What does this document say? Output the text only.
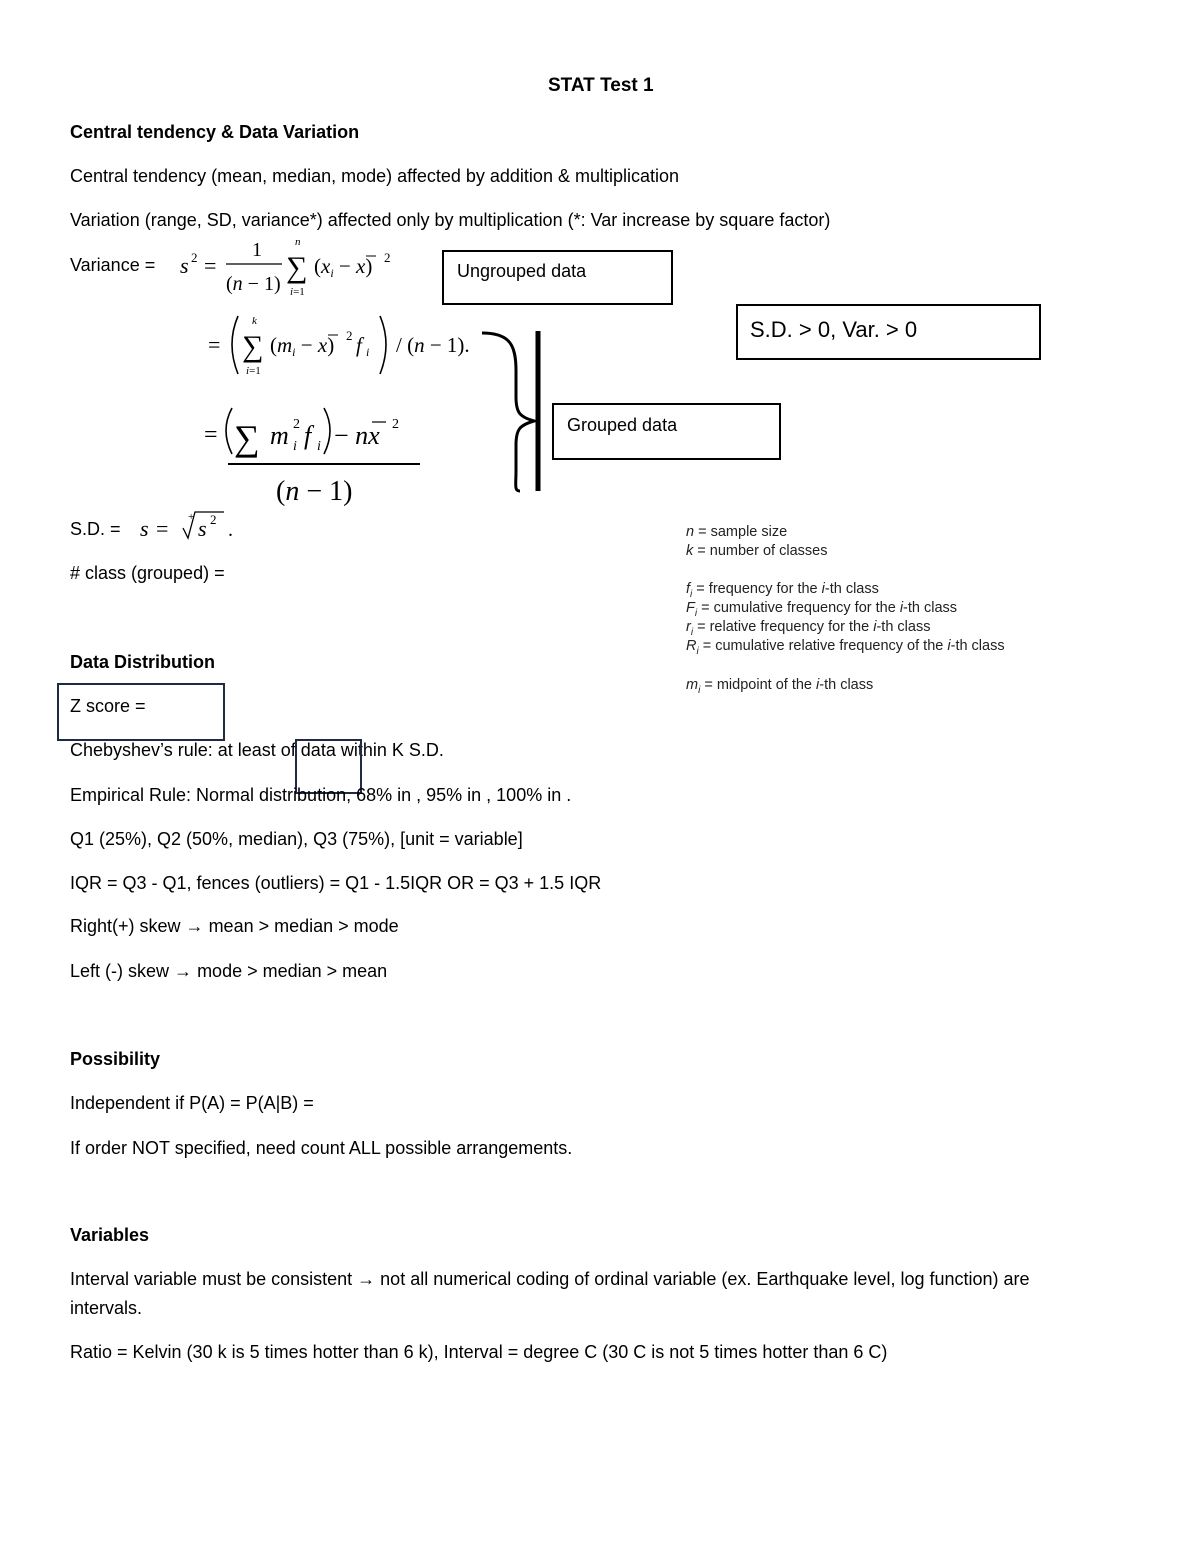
STAT Test 1
Central tendency & Data Variation
Central tendency (mean, median, mode) affected by addition & multiplication
Variation (range, SD, variance*) affected only by multiplication (*: Var increase by square factor)
Variance = s 2 =
1
(n − 1) ∑
n
i=1
(xi − x) 2
= ∑
k
i=1
(mi − x) 2 f i / (n − 1).
= ∑ m 2
i f i − nx 2
(n − 1)
Ungrouped data
Grouped data
S.D. > 0, Var. > 0
S.D. = s = + s 2 .
# class (grouped) =
n = sample size
k = number of classes
$f_i$ = frequency for the i-th class
$F_i$ = cumulative frequency for the i-th class
$r_i$ = relative frequency for the i-th class
$R_i$ = cumulative relative frequency of the i-th class
$m_i$ = midpoint of the i-th class
Data Distribution
Z score =
Chebyshev’s rule: at least of data within K S.D.
Empirical Rule: Normal distribution, 68% in , 95% in , 100% in .
Q1 (25%), Q2 (50%, median), Q3 (75%), [unit = variable]
IQR = Q3 - Q1, fences (outliers) = Q1 - 1.5IQR OR = Q3 + 1.5 IQR
Right(+) skew → mean > median > mode
Left (-) skew → mode > median > mean
Possibility
Independent if P(A) = P(A|B) =
If order NOT specified, need count ALL possible arrangements.
Variables
Interval variable must be consistent → not all numerical coding of ordinal variable (ex. Earthquake level, log function) are
intervals.
Ratio = Kelvin (30 k is 5 times hotter than 6 k), Interval = degree C (30 C is not 5 times hotter than 6 C)
